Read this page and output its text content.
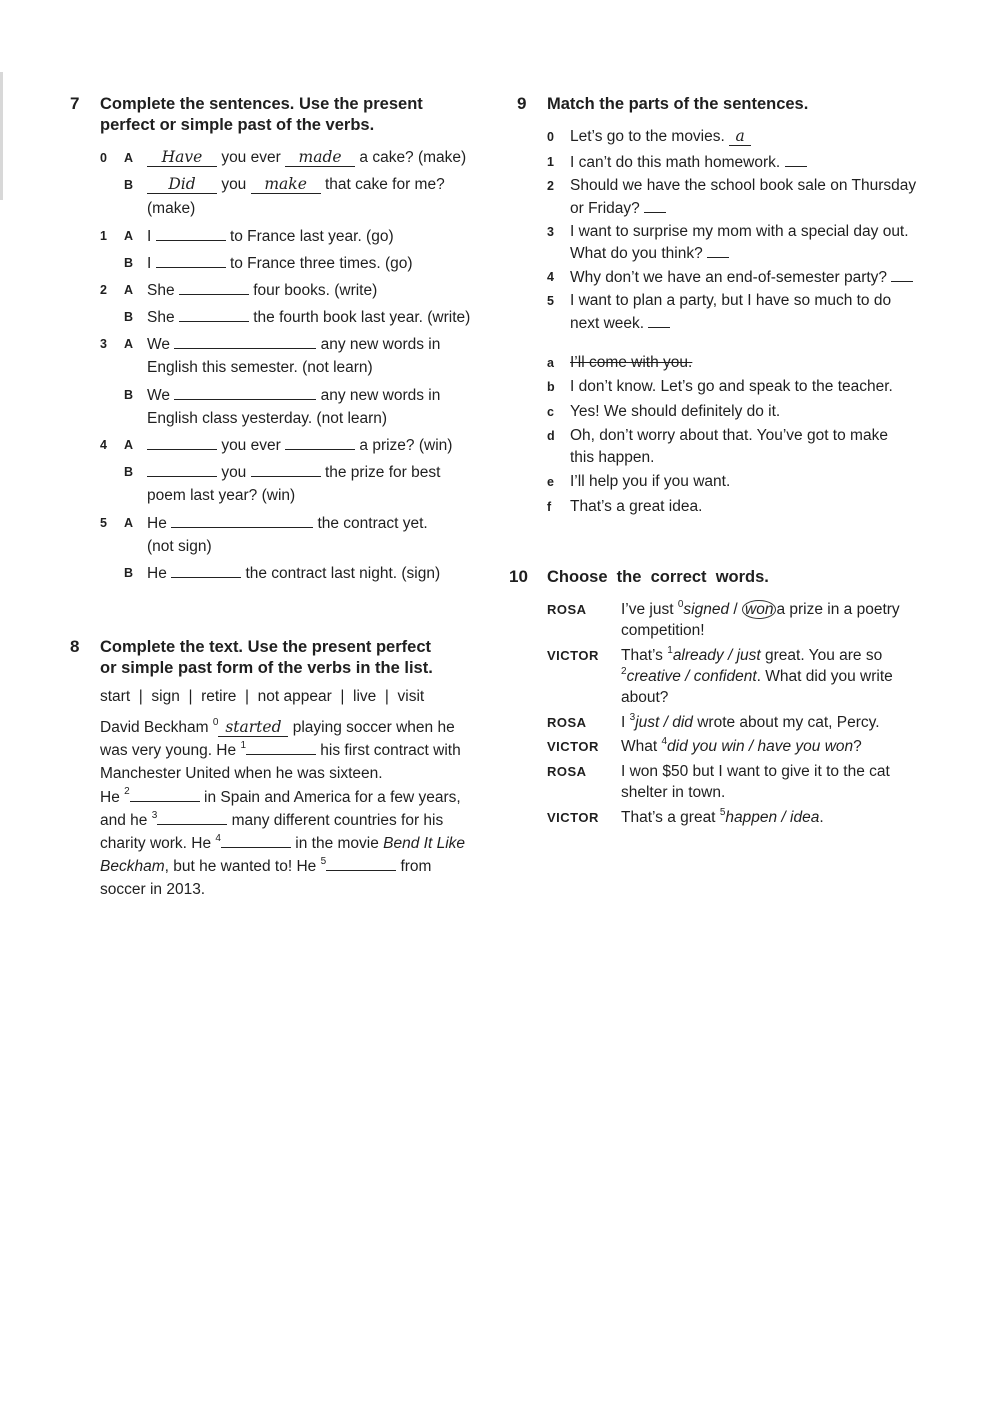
7 Complete the sentences. Use the present
perfect or simple past of the verbs.
0 A	Have you ever made a cake? (make)
B	Did you make that cake for me?
(make)
1 A I	to France last year. (go)
B I	to France three times. (go)
2 A She	four books. (write)
B She	the fourth book last year. (write)
3 A We	any new words in
English this semester. (not learn)
B We	any new words in
English class yesterday. (not learn)
4 A	you ever	a prize? (win)
B	you	the prize for best
poem last year? (win)
5 A He	the contract yet.
(not sign)
B He	the contract last night. (sign)
8 Complete the text. Use the present perfect
or simple past form of the verbs in the list.
start  |  sign  |  retire  |  not appear  |  live  |  visit
David Beckham $^0$ started playing soccer when he
was very young. He $^1$	his first contract with
Manchester United when he was sixteen.
He $^2$	in Spain and America for a few years,
and he $^3$	many different countries for his
charity work. He $^4$	in the movie Bend It Like
Beckham, but he wanted to! He $^5$	from
soccer in 2013.
9 Match the parts of the sentences.
0 Let’s go to the movies. a
1 I can’t do this math homework.
2 Should we have the school book sale on Thursday
or Friday?
3 I want to surprise my mom with a special day out.
What do you think?
4 Why don’t we have an end-of-semester party?
5 I want to plan a party, but I have so much to do
next week.
a I’ll come with you.
b I don’t know. Let’s go and speak to the teacher.
c Yes! We should definitely do it.
d Oh, don’t worry about that. You’ve got to make
this happen.
e I’ll help you if you want.
f That’s a great idea.
10 Choose  the  correct  words.
ROSA I’ve just $^0$signed / won a prize in a poetry
competition!
VICTOR That’s $^1$already / just great. You are so
$^2$creative / confident. What did you write
about?
ROSA I $^3$just / did wrote about my cat, Percy.
VICTOR What $^4$did you win / have you won?
ROSA I won $50 but I want to give it to the cat
shelter in town.
VICTOR That’s a great $^5$happen / idea.
